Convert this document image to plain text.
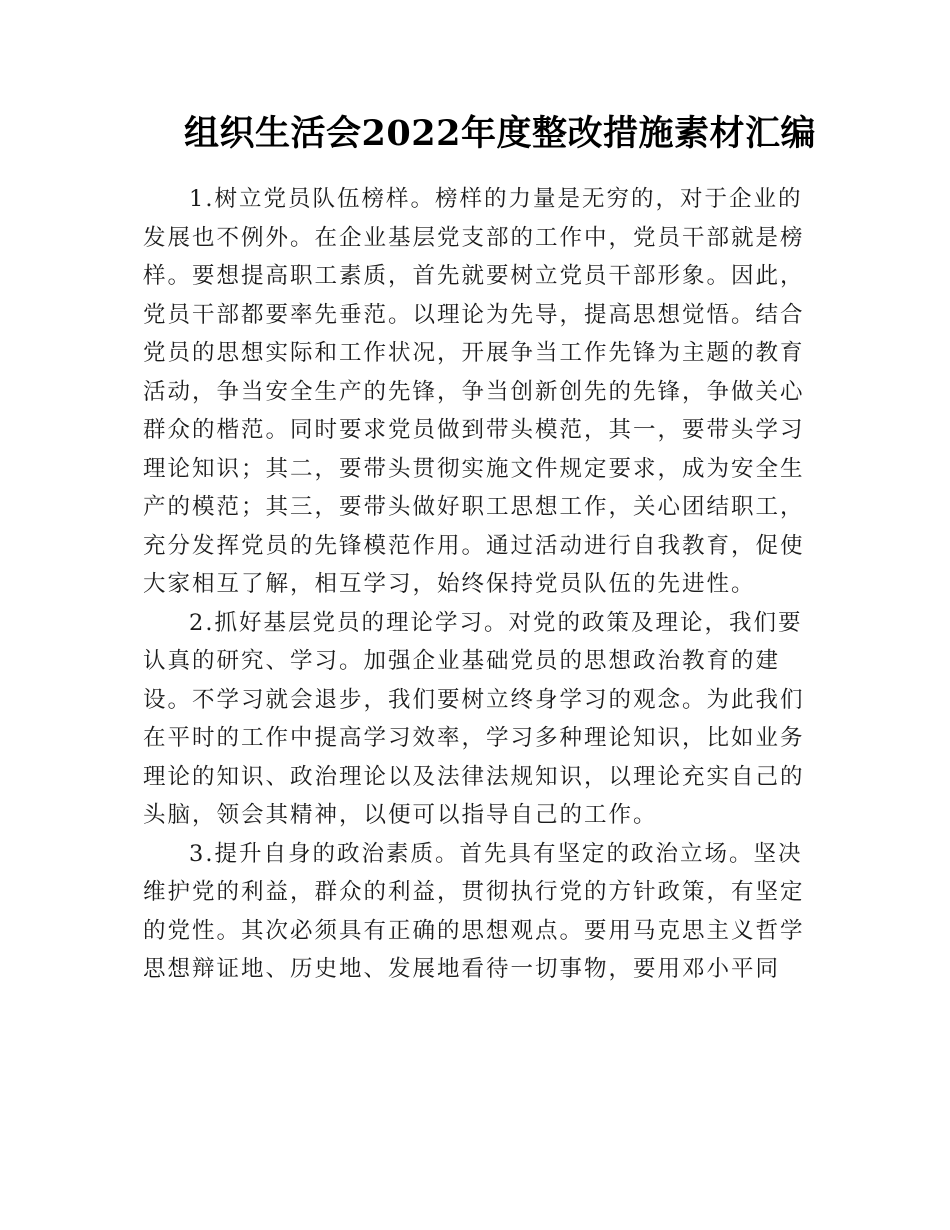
组织生活会2022年度整改措施素材汇编

1.树立党员队伍榜样。榜样的力量是无穷的，对于企业的

发展也不例外。在企业基层党支部的工作中，党员干部就是榜

样。要想提高职工素质，首先就要树立党员干部形象。因此，

党员干部都要率先垂范。以理论为先导，提高思想觉悟。结合

党员的思想实际和工作状况，开展争当工作先锋为主题的教育

活动，争当安全生产的先锋，争当创新创先的先锋，争做关心

群众的楷范。同时要求党员做到带头模范，其一，要带头学习

理论知识；其二，要带头贯彻实施文件规定要求，成为安全生

产的模范；其三，要带头做好职工思想工作，关心团结职工，

充分发挥党员的先锋模范作用。通过活动进行自我教育，促使

大家相互了解，相互学习，始终保持党员队伍的先进性。

2.抓好基层党员的理论学习。对党的政策及理论，我们要

认真的研究、学习。加强企业基础党员的思想政治教育的建

设。不学习就会退步，我们要树立终身学习的观念。为此我们

在平时的工作中提高学习效率，学习多种理论知识，比如业务

理论的知识、政治理论以及法律法规知识，以理论充实自己的

头脑，领会其精神，以便可以指导自己的工作。

3.提升自身的政治素质。首先具有坚定的政治立场。坚决

维护党的利益，群众的利益，贯彻执行党的方针政策，有坚定

的党性。其次必须具有正确的思想观点。要用马克思主义哲学

思想辩证地、历史地、发展地看待一切事物，要用邓小平同
